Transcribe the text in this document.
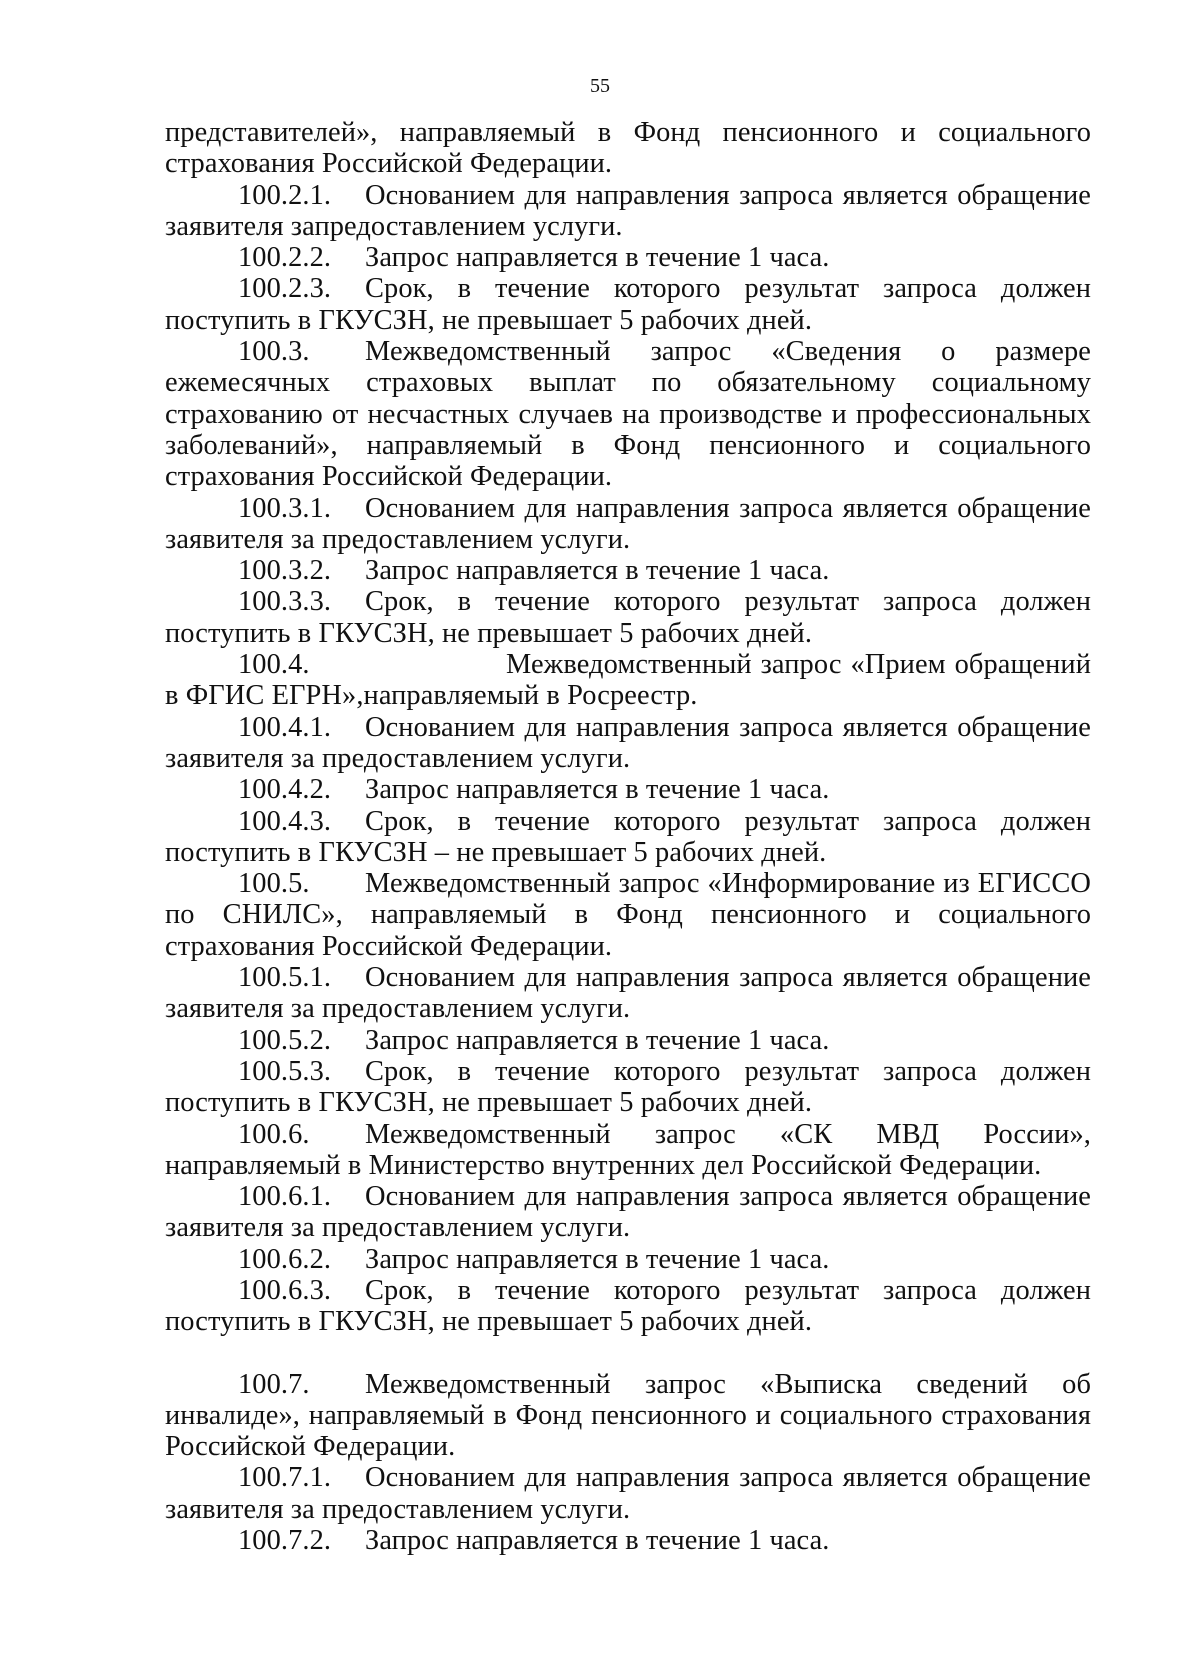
55

представителей», направляемый в Фонд пенсионного и социального страхования Российской Федерации.

100.2.1. Основанием для направления запроса является обращение заявителя запредоставлением услуги.

100.2.2. Запрос направляется в течение 1 часа.

100.2.3. Срок, в течение которого результат запроса должен поступить в ГКУСЗН, не превышает 5 рабочих дней.

100.3. Межведомственный запрос «Сведения о размере ежемесячных страховых выплат по обязательному социальному страхованию от несчастных случаев на производстве и профессиональных заболеваний», направляемый в Фонд пенсионного и социального страхования Российской Федерации.

100.3.1. Основанием для направления запроса является обращение заявителя за предоставлением услуги.

100.3.2. Запрос направляется в течение 1 часа.

100.3.3. Срок, в течение которого результат запроса должен поступить в ГКУСЗН, не превышает 5 рабочих дней.

100.4.	Межведомственный запрос «Прием обращений в ФГИС ЕГРН»,направляемый в Росреестр.

100.4.1. Основанием для направления запроса является обращение заявителя за предоставлением услуги.

100.4.2. Запрос направляется в течение 1 часа.

100.4.3. Срок, в течение которого результат запроса должен поступить в ГКУСЗН – не превышает 5 рабочих дней.

100.5. Межведомственный запрос «Информирование из ЕГИССО по СНИЛС», направляемый в Фонд пенсионного и социального страхования Российской Федерации.

100.5.1. Основанием для направления запроса является обращение заявителя за предоставлением услуги.

100.5.2. Запрос направляется в течение 1 часа.

100.5.3. Срок, в течение которого результат запроса должен поступить в ГКУСЗН, не превышает 5 рабочих дней.

100.6. Межведомственный запрос «СК МВД России», направляемый в Министерство внутренних дел Российской Федерации.

100.6.1. Основанием для направления запроса является обращение заявителя за предоставлением услуги.

100.6.2. Запрос направляется в течение 1 часа.

100.6.3. Срок, в течение которого результат запроса должен поступить в ГКУСЗН, не превышает 5 рабочих дней.

100.7. Межведомственный запрос «Выписка сведений об инвалиде», направляемый в Фонд пенсионного и социального страхования Российской Федерации.

100.7.1. Основанием для направления запроса является обращение заявителя за предоставлением услуги.

100.7.2. Запрос направляется в течение 1 часа.
